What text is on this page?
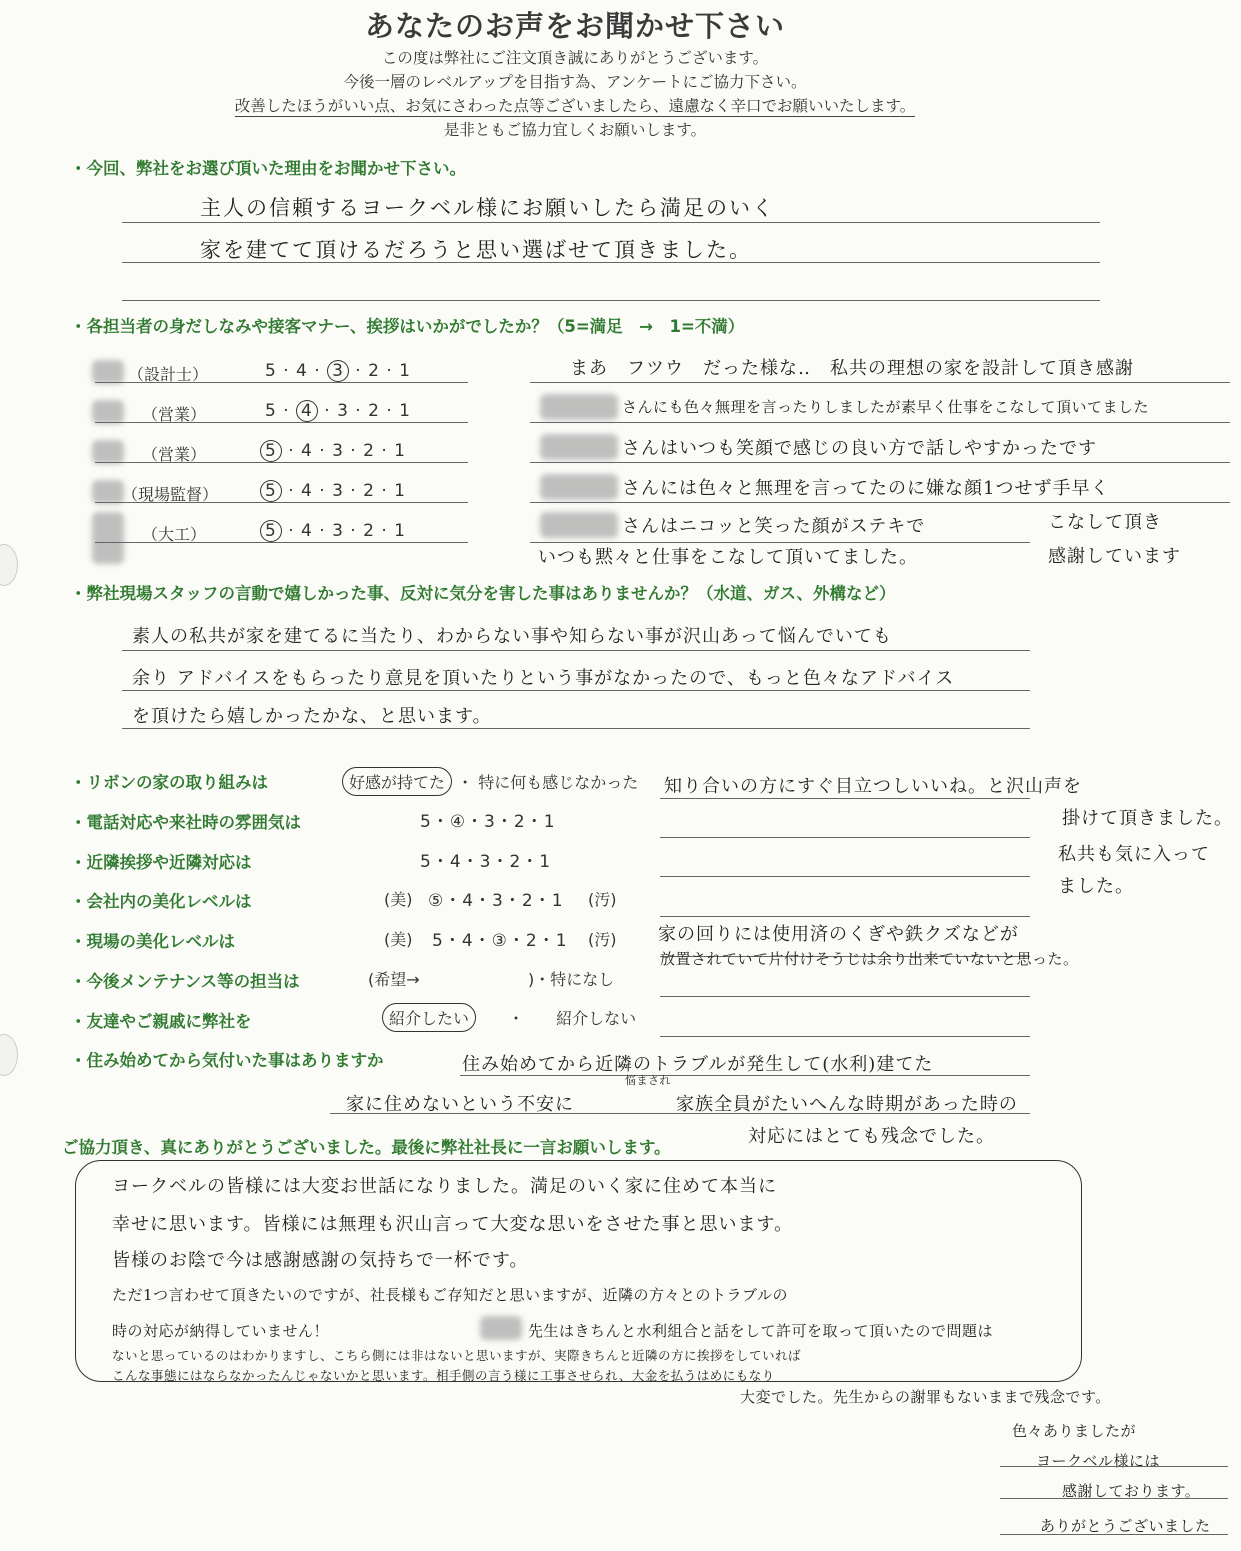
あなたのお声をお聞かせ下さい
この度は弊社にご注文頂き誠にありがとうございます。
今後一層のレベルアップを目指す為、アンケートにご協力下さい。
改善したほうがいい点、お気にさわった点等ございましたら、遠慮なく辛口でお願いいたします。
是非ともご協力宜しくお願いします。
・今回、弊社をお選び頂いた理由をお聞かせ下さい。
主人の信頼するヨークベル様にお願いしたら満足のいく
家を建てて頂けるだろうと思い選ばせて頂きました。
・各担当者の身だしなみや接客マナー、挨拶はいかがでしたか？（5=満足　→　1=不満）
（設計士）	5 · 4 · 3 · 2 · 1	まあ　フツウ　だった様な‥　私共の理想の家を設計して頂き感謝
（営業）	5 · 4 · 3 · 2 · 1	さんにも色々無理を言ったりしましたが素早く仕事をこなして頂いてました
（営業）	5 · 4 · 3 · 2 · 1	さんはいつも笑顔で感じの良い方で話しやすかったです
（現場監督）	5 · 4 · 3 · 2 · 1	さんには色々と無理を言ってたのに嫌な顔1つせず手早く
（大工）	5 · 4 · 3 · 2 · 1	さんはニコッと笑った顔がステキで
いつも黙々と仕事をこなして頂いてました。
こなして頂き
感謝しています
・弊社現場スタッフの言動で嬉しかった事、反対に気分を害した事はありませんか？（水道、ガス、外構など）
素人の私共が家を建てるに当たり、わからない事や知らない事が沢山あって悩んでいても
余り アドバイスをもらったり意見を頂いたりという事がなかったので、もっと色々なアドバイス
を頂けたら嬉しかったかな、と思います。
・リボンの家の取り組みは	好感が持てた ・ 特に何も感じなかった
・電話対応や来社時の雰囲気は	5・④・3・2・1
・近隣挨拶や近隣対応は	5・4・3・2・1
・会社内の美化レベルは	(美) ⑤・4・3・2・1 (汚)
・現場の美化レベルは	(美) 5・4・③・2・1 (汚)
・今後メンテナンス等の担当は	(希望→	)・特になし
・友達やご親戚に弊社を	紹介したい　　 ・　　 紹介しない
・住み始めてから気付いた事はありますか
知り合いの方にすぐ目立つしいいね。と沢山声を
掛けて頂きました。
私共も気に入って
ました。
家の回りには使用済のくぎや鉄クズなどが
放置されていて片付けそうじは余り出来ていないと思った。
住み始めてから近隣のトラブルが発生して(水利)建てた
家に住めないという不安に
悩まされ
家族全員がたいへんな時期があった時の
対応にはとても残念でした。
ご協力頂き、真にありがとうございました。最後に弊社社長に一言お願いします。
ヨークベルの皆様には大変お世話になりました。満足のいく家に住めて本当に
幸せに思います。皆様には無理も沢山言って大変な思いをさせた事と思います。
皆様のお陰で今は感謝感謝の気持ちで一杯です。
ただ1つ言わせて頂きたいのですが、社長様もご存知だと思いますが、近隣の方々とのトラブルの
時の対応が納得していません！	先生はきちんと水利組合と話をして許可を取って頂いたので問題は
ないと思っているのはわかりますし、こちら側には非はないと思いますが、実際きちんと近隣の方に挨拶をしていれば
こんな事態にはならなかったんじゃないかと思います。相手側の言う様に工事させられ、大金を払うはめにもなり
大変でした。先生からの謝罪もないままで残念です。
色々ありましたが
ヨークベル様には
感謝しております。
ありがとうございました
